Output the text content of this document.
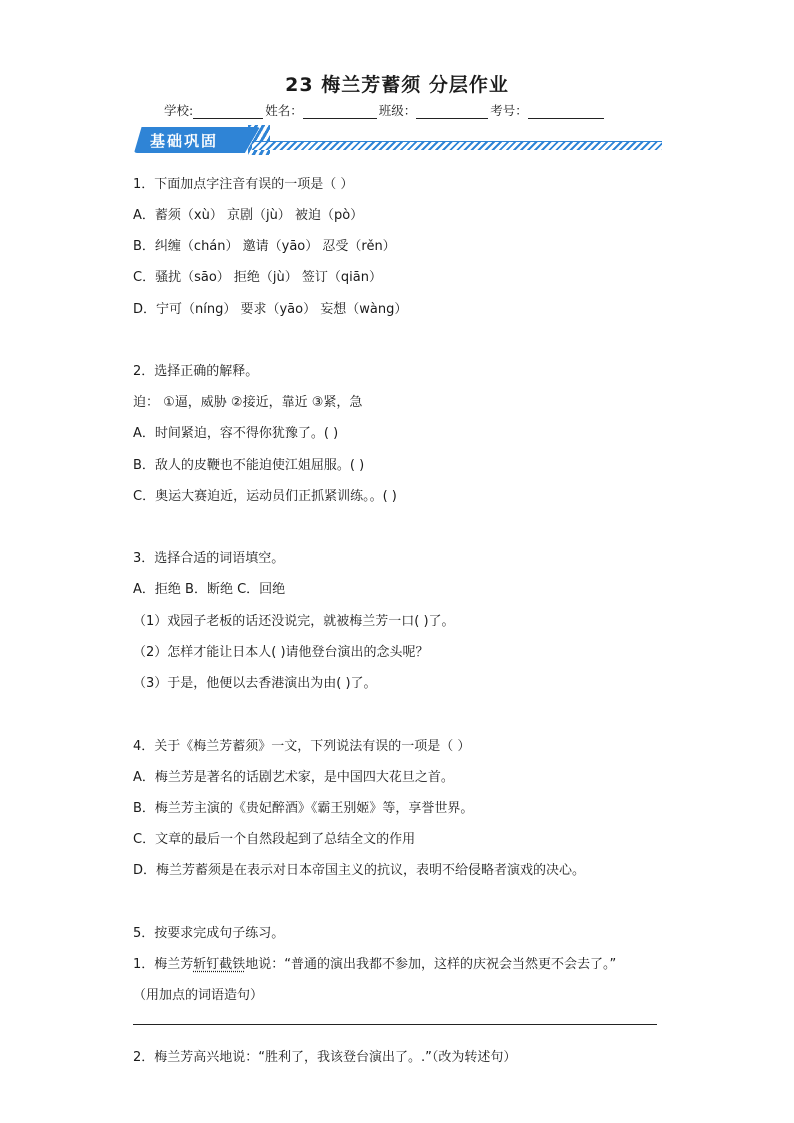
23 梅兰芳蓄须 分层作业
学校:	姓名：	班级：	考号：
基础巩固
1．下面加点字注音有误的一项是（ ）
A．蓄须（xù） 京剧（jù） 被迫（pò）
B．纠缠（chán） 邀请（yāo） 忍受（rěn）
C．骚扰（sāo） 拒绝（jù） 签订（qiān）
D．宁可（níng） 要求（yāo） 妄想（wàng）
2．选择正确的解释。
迫： ①逼，威胁 ②接近，靠近 ③紧，急
A．时间紧迫，容不得你犹豫了。( )
B．敌人的皮鞭也不能迫使江姐屈服。( )
C．奥运大赛迫近，运动员们正抓紧训练。。( )
3．选择合适的词语填空。
A．拒绝 B．断绝 C．回绝
（1）戏园子老板的话还没说完，就被梅兰芳一口( )了。
（2）怎样才能让日本人( )请他登台演出的念头呢？
（3）于是，他便以去香港演出为由( )了。
4．关于《梅兰芳蓄须》一文，下列说法有误的一项是（ ）
A．梅兰芳是著名的话剧艺术家，是中国四大花旦之首。
B．梅兰芳主演的《贵妃醉酒》《霸王别姬》等，享誉世界。
C．文章的最后一个自然段起到了总结全文的作用
D．梅兰芳蓄须是在表示对日本帝国主义的抗议，表明不给侵略者演戏的决心。
5．按要求完成句子练习。
1．梅兰芳斩钉截铁地说：“普通的演出我都不参加，这样的庆祝会当然更不会去了。”
（用加点的词语造句）
2．梅兰芳高兴地说：“胜利了，我该登台演出了。.”（改为转述句）
